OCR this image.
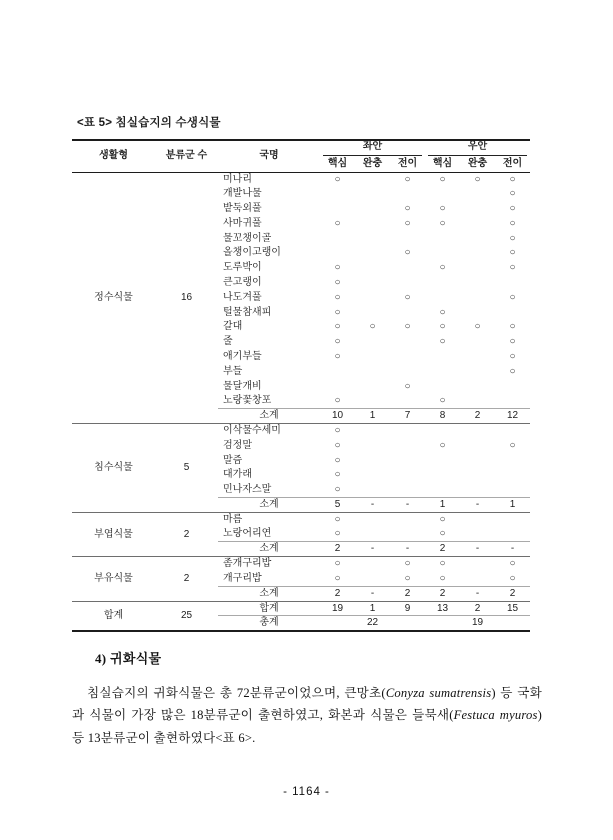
<표 5> 침실습지의 수생식물
생활형	분류군 수	국명	좌안			우안		

			핵심	완충	전이	핵심	완충	전이
정수식물	16	미나리	○		○	○	○	○
		개발나물						○
		밭둑외풀			○	○		○
		사마귀풀	○		○	○		○
		물꼬챙이골						○
		올챙이고랭이			○			○
		도루박이	○			○		○
		큰고랭이	○					
		나도겨풀	○		○			○
		털물참새피	○			○		
		갈대	○	○	○	○	○	○
		줄	○			○		○
		애기부들	○					○
		부들						○
		물달개비			○			
		노랑꽃창포	○			○		
		소계	10	1	7	8	2	12
침수식물	5	이삭물수세미	○					
		검정말	○			○		○
		말즘	○					
		대가래	○					
		민나자스말	○					
		소계	5	-	-	1	-	1
부엽식물	2	마름	○			○		
		노랑어리연	○			○		
		소계	2	-	-	2	-	-
부유식물	2	좀개구리밥	○		○	○		○
		개구리밥	○		○	○		○
		소계	2	-	2	2	-	2
합계	25	합계	19	1	9	13	2	15
		총계	22			19		
4) 귀화식물

침실습지의 귀화식물은 총 72분류군이었으며, 큰망초(Conyza sumatrensis) 등 국화과 식물이 가장 많은 18분류군이 출현하였고, 화본과 식물은 들묵새(Festuca myuros) 등 13분류군이 출현하였다<표 6>.

- 1164 -
